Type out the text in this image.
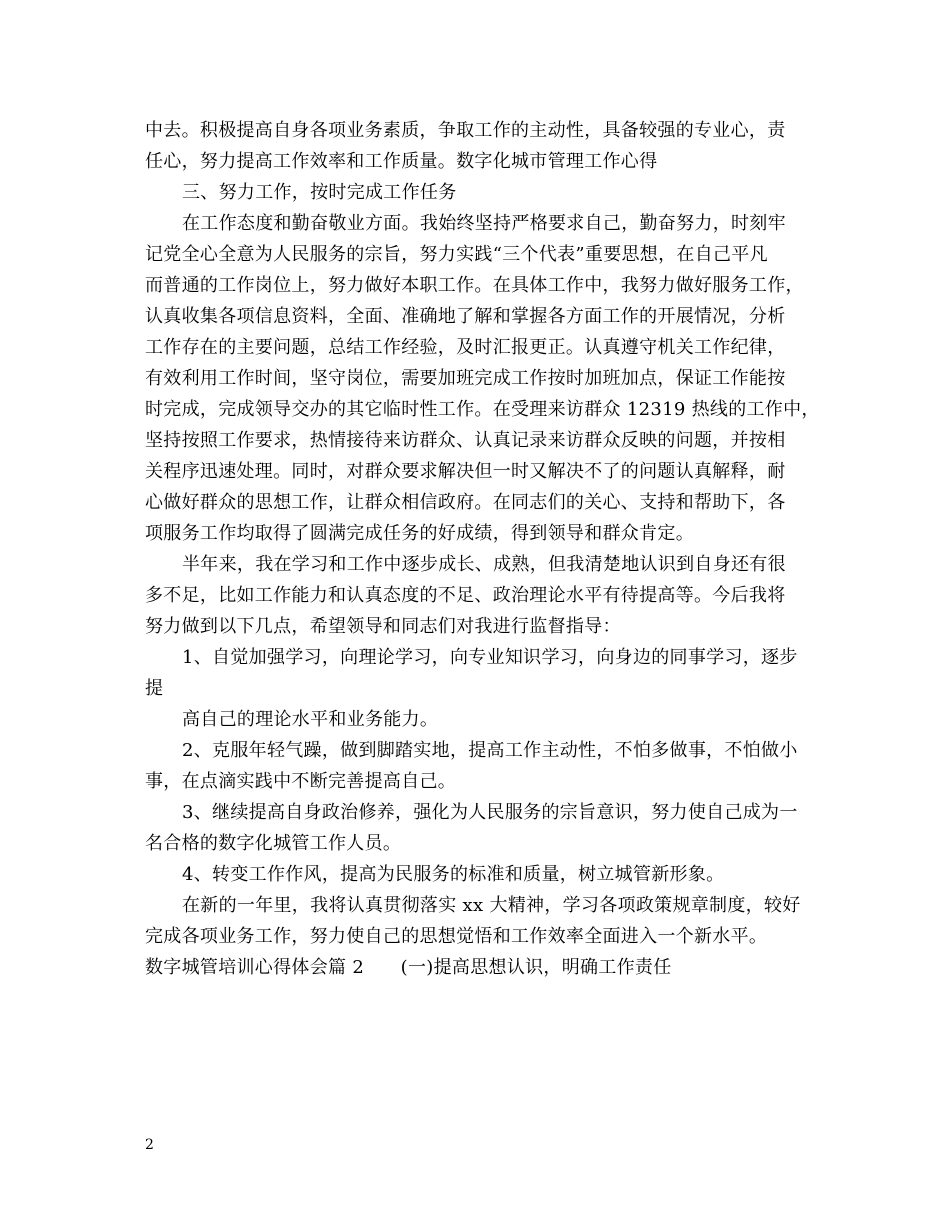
中去。积极提高自身各项业务素质，争取工作的主动性，具备较强的专业心，责
任心，努力提高工作效率和工作质量。数字化城市管理工作心得
三、努力工作，按时完成工作任务
在工作态度和勤奋敬业方面。我始终坚持严格要求自己，勤奋努力，时刻牢
记党全心全意为人民服务的宗旨，努力实践“三个代表”重要思想，在自己平凡
而普通的工作岗位上，努力做好本职工作。在具体工作中，我努力做好服务工作，
认真收集各项信息资料，全面、准确地了解和掌握各方面工作的开展情况，分析
工作存在的主要问题，总结工作经验，及时汇报更正。认真遵守机关工作纪律，
有效利用工作时间，坚守岗位，需要加班完成工作按时加班加点，保证工作能按
时完成，完成领导交办的其它临时性工作。在受理来访群众 12319 热线的工作中，
坚持按照工作要求，热情接待来访群众、认真记录来访群众反映的问题，并按相
关程序迅速处理。同时，对群众要求解决但一时又解决不了的问题认真解释，耐
心做好群众的思想工作，让群众相信政府。在同志们的关心、支持和帮助下，各
项服务工作均取得了圆满完成任务的好成绩，得到领导和群众肯定。
半年来，我在学习和工作中逐步成长、成熟，但我清楚地认识到自身还有很
多不足，比如工作能力和认真态度的不足、政治理论水平有待提高等。今后我将
努力做到以下几点，希望领导和同志们对我进行监督指导：
1、自觉加强学习，向理论学习，向专业知识学习，向身边的同事学习，逐步
提
高自己的理论水平和业务能力。
2、克服年轻气躁，做到脚踏实地，提高工作主动性，不怕多做事，不怕做小
事，在点滴实践中不断完善提高自己。
3、继续提高自身政治修养，强化为人民服务的宗旨意识，努力使自己成为一
名合格的数字化城管工作人员。
4、转变工作作风，提高为民服务的标准和质量，树立城管新形象。
在新的一年里，我将认真贯彻落实 xx 大精神，学习各项政策规章制度，较好
完成各项业务工作，努力使自己的思想觉悟和工作效率全面进入一个新水平。
数字城管培训心得体会篇 2　　(一)提高思想认识，明确工作责任
2
